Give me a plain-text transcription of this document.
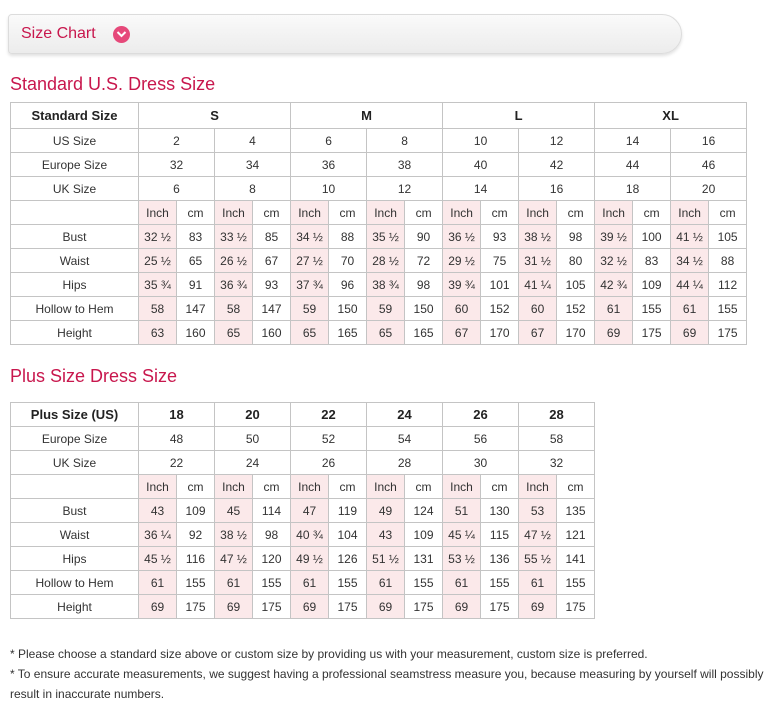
Size Chart
Standard U.S. Dress Size
Standard Size	S				M				L				XL			
US Size	2		4		6		8		10		12		14		16	
Europe Size	32		34		36		38		40		42		44		46	
UK Size	6		8		10		12		14		16		18		20	
	Inch	cm	Inch	cm	Inch	cm	Inch	cm	Inch	cm	Inch	cm	Inch	cm	Inch	cm
Bust	32 ½	83	33 ½	85	34 ½	88	35 ½	90	36 ½	93	38 ½	98	39 ½	100	41 ½	105
Waist	25 ½	65	26 ½	67	27 ½	70	28 ½	72	29 ½	75	31 ½	80	32 ½	83	34 ½	88
Hips	35 ¾	91	36 ¾	93	37 ¾	96	38 ¾	98	39 ¾	101	41 ¼	105	42 ¾	109	44 ¼	112
Hollow to Hem	58	147	58	147	59	150	59	150	60	152	60	152	61	155	61	155
Height	63	160	65	160	65	165	65	165	67	170	67	170	69	175	69	175
Plus Size Dress Size
Plus Size (US)	18		20		22		24		26		28	
Europe Size	48		50		52		54		56		58	
UK Size	22		24		26		28		30		32	
	Inch	cm	Inch	cm	Inch	cm	Inch	cm	Inch	cm	Inch	cm
Bust	43	109	45	114	47	119	49	124	51	130	53	135
Waist	36 ¼	92	38 ½	98	40 ¾	104	43	109	45 ¼	115	47 ½	121
Hips	45 ½	116	47 ½	120	49 ½	126	51 ½	131	53 ½	136	55 ½	141
Hollow to Hem	61	155	61	155	61	155	61	155	61	155	61	155
Height	69	175	69	175	69	175	69	175	69	175	69	175

* Please choose a standard size above or custom size by providing us with your measurement, custom size is preferred.

* To ensure accurate measurements, we suggest having a professional seamstress measure you, because measuring by yourself will possibly result in inaccurate numbers.
